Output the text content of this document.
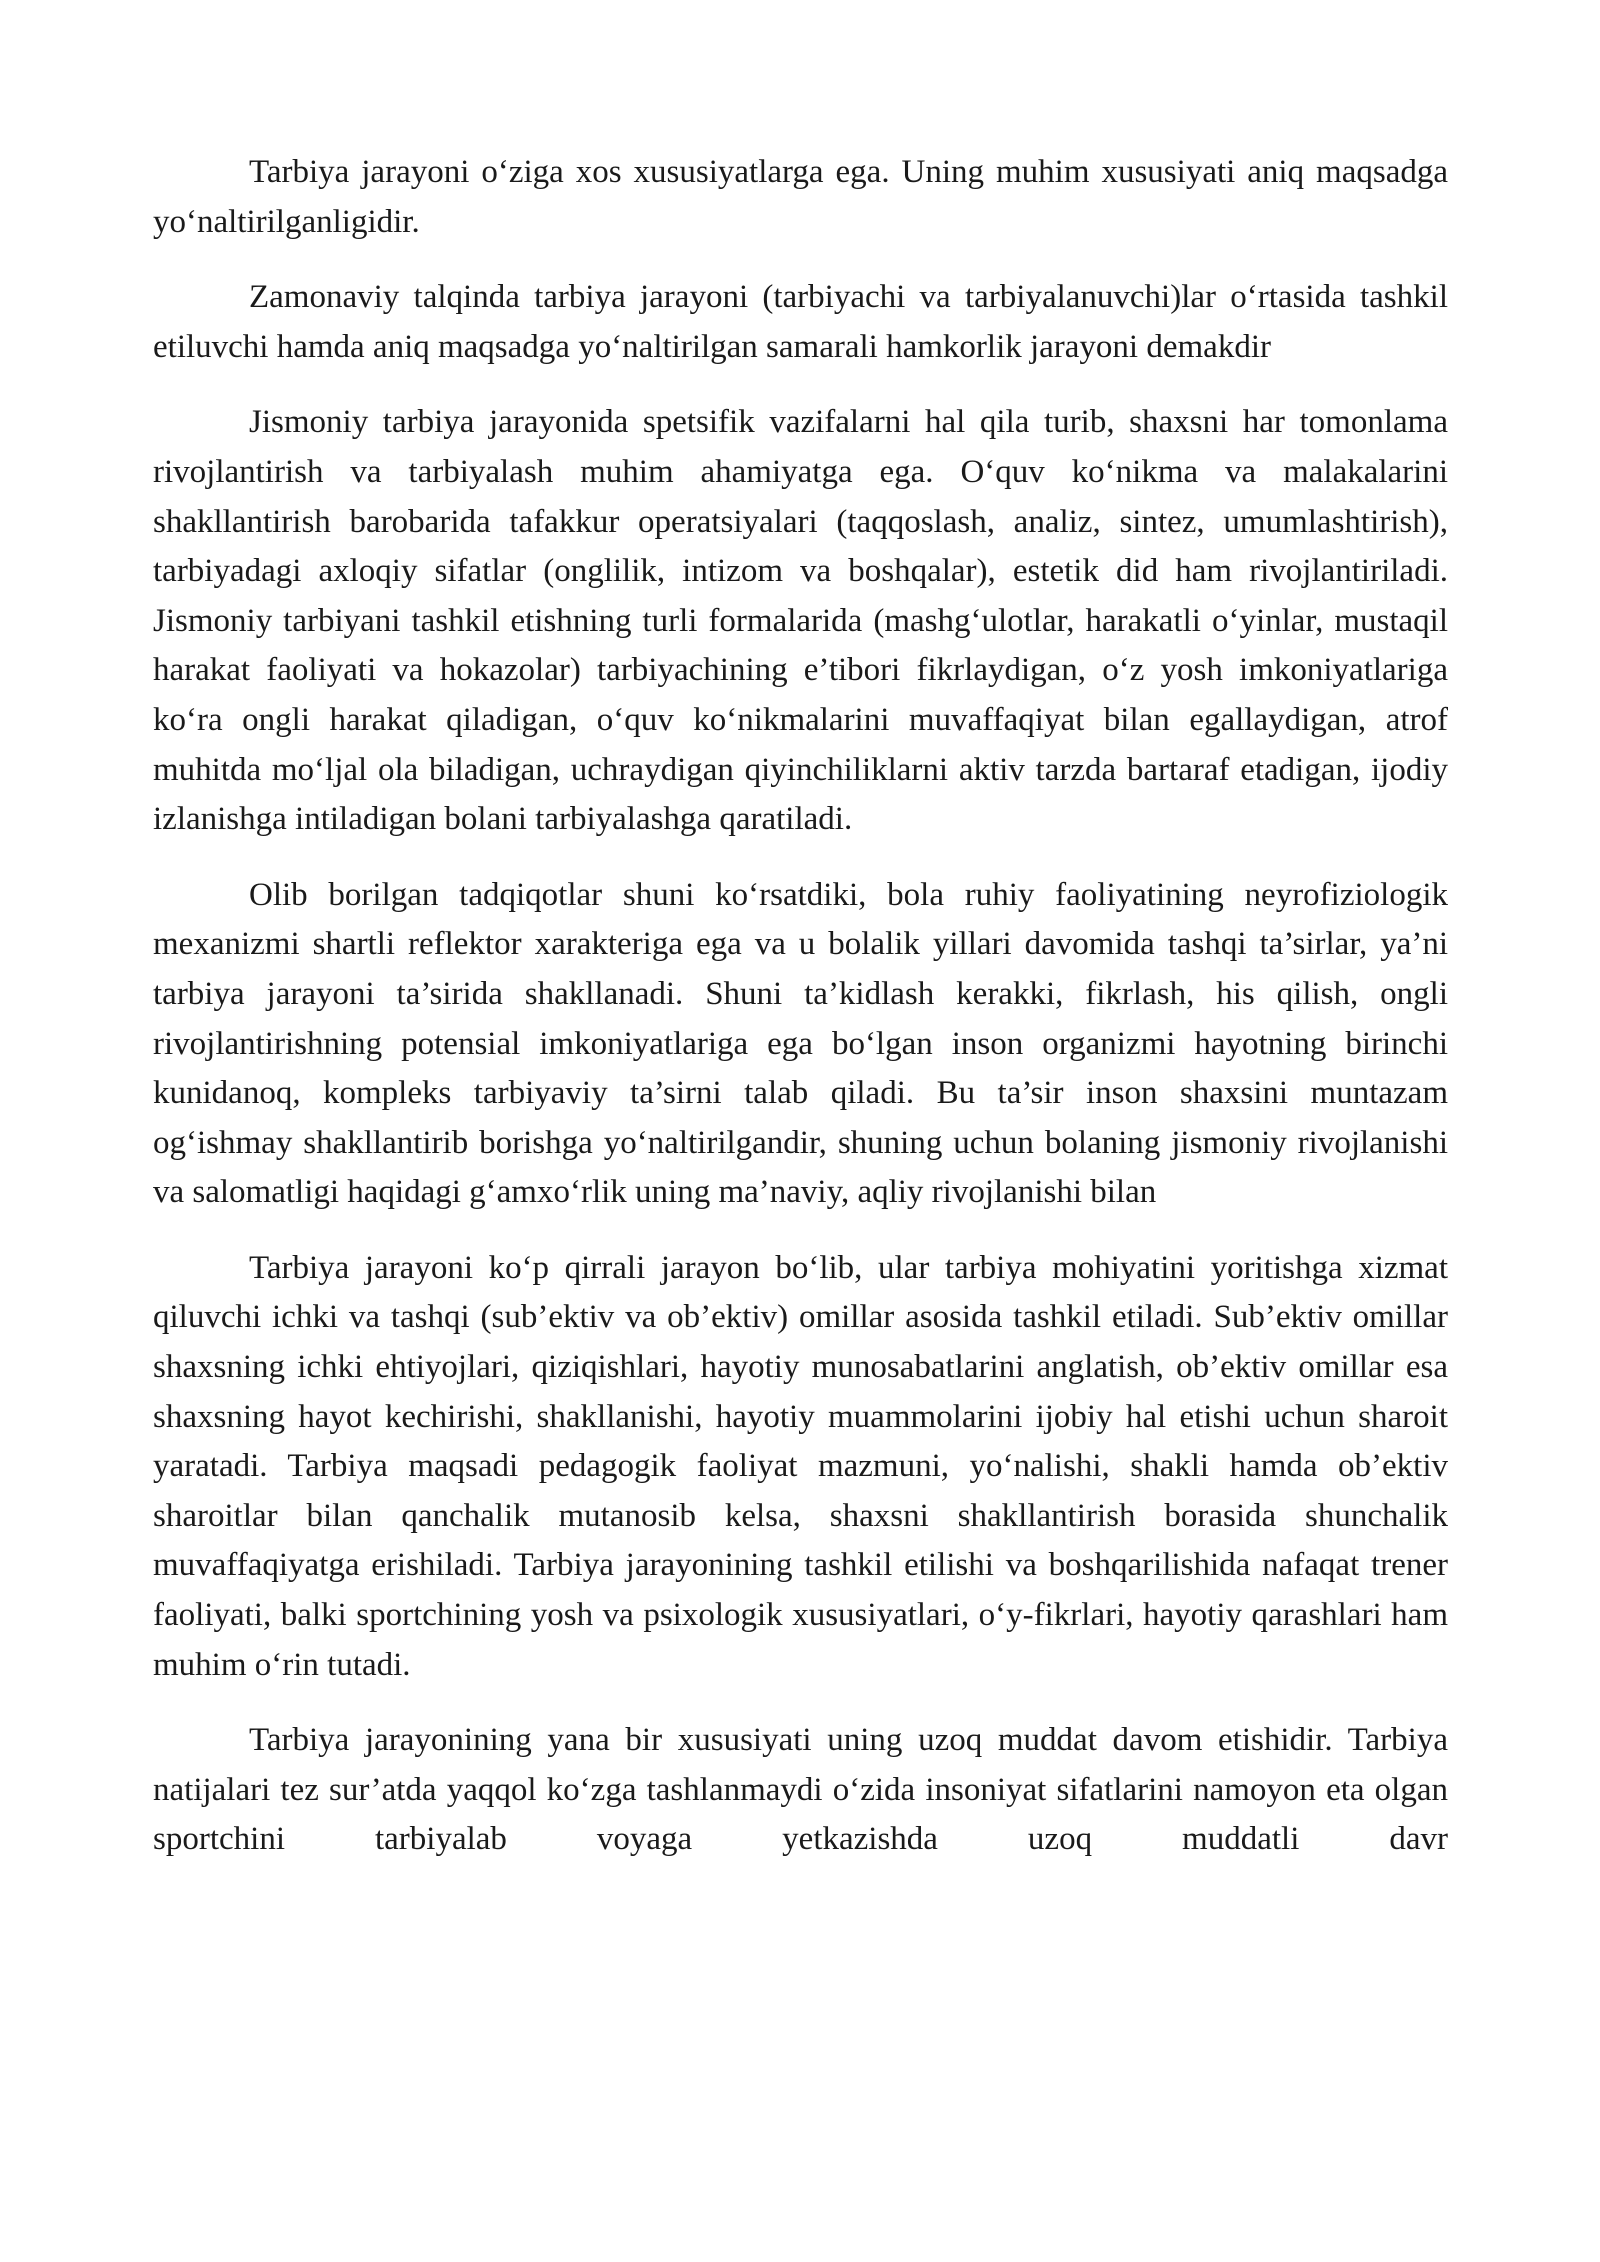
Tarbiya jarayoni o‘ziga xos xususiyatlarga ega. Uning muhim xususiyati aniq maqsadga yo‘naltirilganligidir.

Zamonaviy talqinda tarbiya jarayoni (tarbiyachi va tarbiyalanuvchi)lar o‘rtasida tashkil etiluvchi hamda aniq maqsadga yo‘naltirilgan samarali hamkorlik jarayoni demakdir

Jismoniy tarbiya jarayonida spetsifik vazifalarni hal qila turib, shaxsni har tomonlama rivojlantirish va tarbiyalash muhim ahamiyatga ega. O‘quv ko‘nikma va malakalarini shakllantirish barobarida tafakkur operatsiyalari (taqqoslash, analiz, sintez, umumlashtirish), tarbiyadagi axloqiy sifatlar (onglilik, intizom va boshqalar), estetik did ham rivojlantiriladi. Jismoniy tarbiyani tashkil etishning turli formalarida (mashg‘ulotlar, harakatli o‘yinlar, mustaqil harakat faoliyati va hokazolar) tarbiyachining e’tibori fikrlaydigan, o‘z yosh imkoniyatlariga ko‘ra ongli harakat qiladigan, o‘quv ko‘nikmalarini muvaffaqiyat bilan egallaydigan, atrof muhitda mo‘ljal ola biladigan, uchraydigan qiyinchiliklarni aktiv tarzda bartaraf etadigan, ijodiy izlanishga intiladigan bolani tarbiyalashga qaratiladi.

Olib borilgan tadqiqotlar shuni ko‘rsatdiki, bola ruhiy faoliyatining neyrofiziologik mexanizmi shartli reflektor xarakteriga ega va u bolalik yillari davomida tashqi ta’sirlar, ya’ni tarbiya jarayoni ta’sirida shakllanadi. Shuni ta’kidlash kerakki, fikrlash, his qilish, ongli rivojlantirishning potensial imkoniyatlariga ega bo‘lgan inson organizmi hayotning birinchi kunidanoq, kompleks tarbiyaviy ta’sirni talab qiladi. Bu ta’sir inson shaxsini muntazam og‘ishmay shakllantirib borishga yo‘naltirilgandir, shuning uchun bolaning jismoniy rivojlanishi va salomatligi haqidagi g‘amxo‘rlik uning ma’naviy, aqliy rivojlanishi bilan

Tarbiya jarayoni ko‘p qirrali jarayon bo‘lib, ular tarbiya mohiyatini yoritishga xizmat qiluvchi ichki va tashqi (sub’ektiv va ob’ektiv) omillar asosida tashkil etiladi. Sub’ektiv omillar shaxsning ichki ehtiyojlari, qiziqishlari, hayotiy munosabatlarini anglatish, ob’ektiv omillar esa shaxsning hayot kechirishi, shakllanishi, hayotiy muammolarini ijobiy hal etishi uchun sharoit yaratadi. Tarbiya maqsadi pedagogik faoliyat mazmuni, yo‘nalishi, shakli hamda ob’ektiv sharoitlar bilan qanchalik mutanosib kelsa, shaxsni shakllantirish borasida shunchalik muvaffaqiyatga erishiladi. Tarbiya jarayonining tashkil etilishi va boshqarilishida nafaqat trener faoliyati, balki sportchining yosh va psixologik xususiyatlari, o‘y-fikrlari, hayotiy qarashlari ham muhim o‘rin tutadi.

Tarbiya jarayonining yana bir xususiyati uning uzoq muddat davom etishidir. Tarbiya natijalari tez sur’atda yaqqol ko‘zga tashlanmaydi o‘zida insoniyat sifatlarini namoyon eta olgan sportchini tarbiyalab voyaga yetkazishda uzoq muddatli davr
